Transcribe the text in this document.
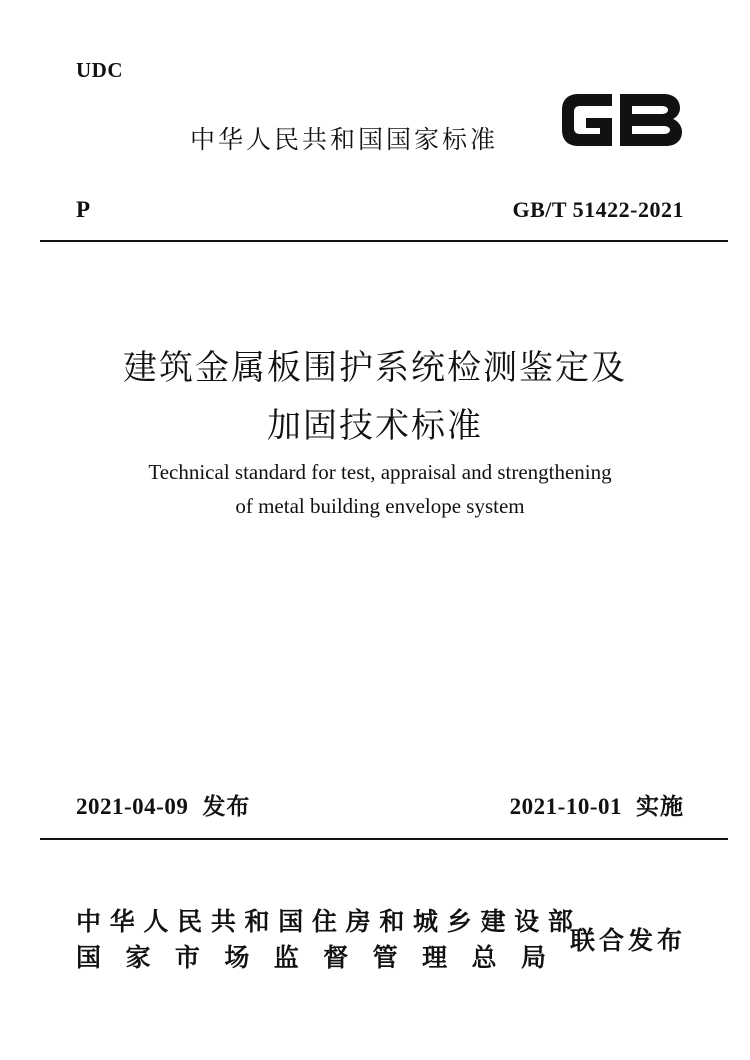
UDC
中华人民共和国国家标准
P	GB/T 51422-2021
建筑金属板围护系统检测鉴定及
加固技术标准
Technical standard for test, appraisal and strengthening
of metal building envelope system
2021-04-09 发布	2021-10-01 实施
中 华 人 民 共 和 国 住 房 和 城 乡 建 设 部
国 家 市 场 监 督 管 理 总 局
联合发布
